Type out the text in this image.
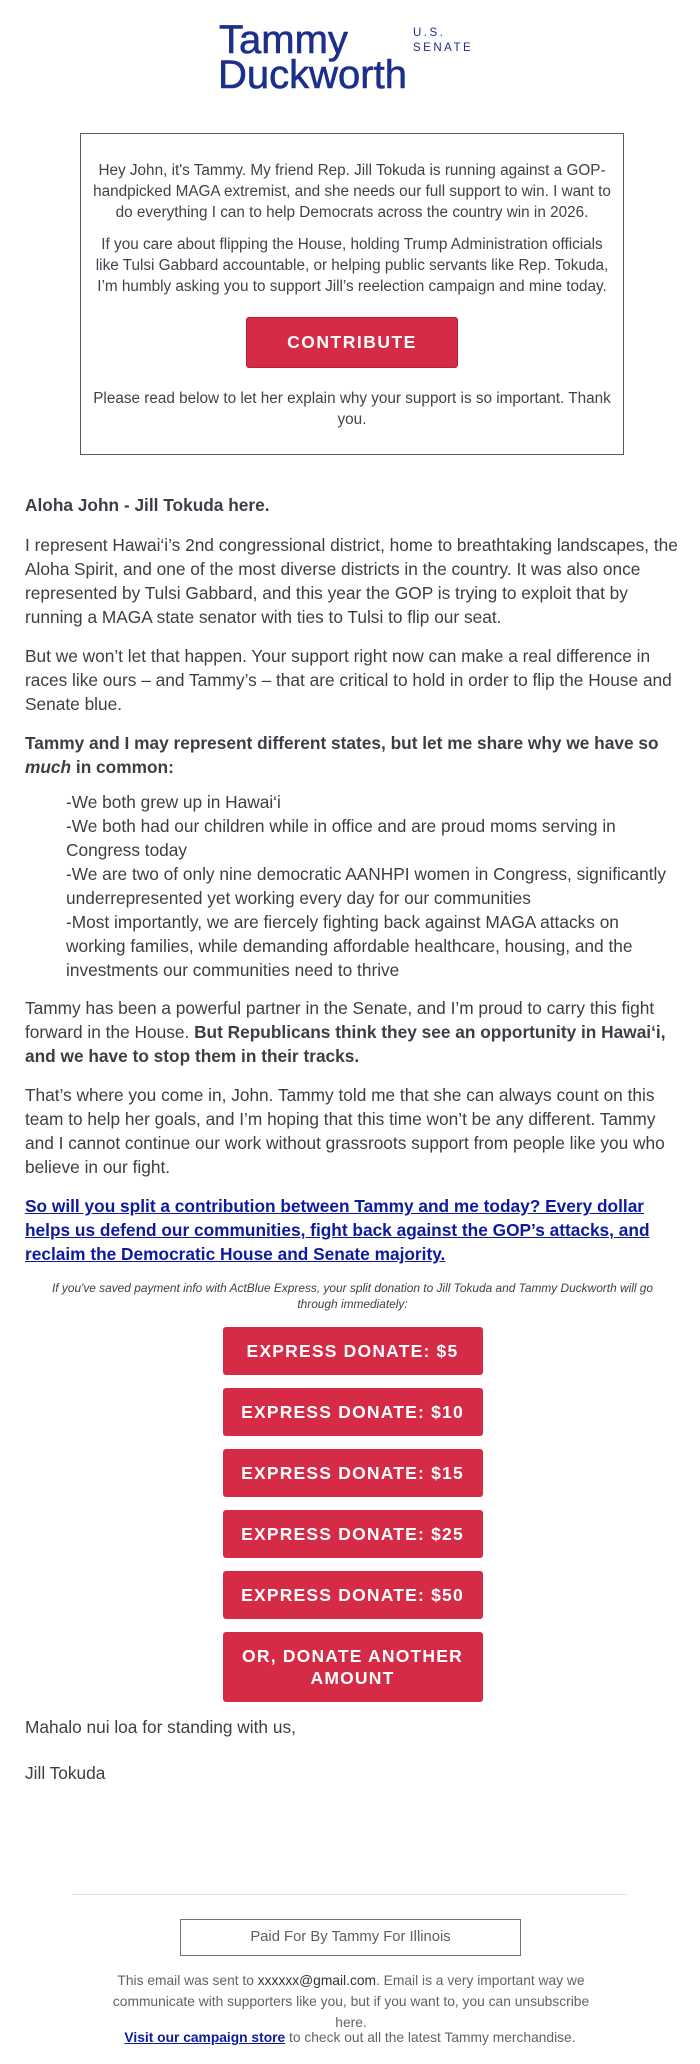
Tammy
Duckworth
U.S.
SENATE

Hey John, it's Tammy. My friend Rep. Jill Tokuda is running against a GOP-handpicked MAGA extremist, and she needs our full support to win. I want to do everything I can to help Democrats across the country win in 2026.

If you care about flipping the House, holding Trump Administration officials like Tulsi Gabbard accountable, or helping public servants like Rep. Tokuda, I’m humbly asking you to support Jill’s reelection campaign and mine today.

CONTRIBUTE

Please read below to let her explain why your support is so important. Thank you.

Aloha John - Jill Tokuda here.

I represent Hawai‘i’s 2nd congressional district, home to breathtaking landscapes, the Aloha Spirit, and one of the most diverse districts in the country. It was also once represented by Tulsi Gabbard, and this year the GOP is trying to exploit that by running a MAGA state senator with ties to Tulsi to flip our seat.

But we won’t let that happen. Your support right now can make a real difference in races like ours – and Tammy’s – that are critical to hold in order to flip the House and Senate blue.

Tammy and I may represent different states, but let me share why we have so much in common:

-We both grew up in Hawai‘i
-We both had our children while in office and are proud moms serving in Congress today
-We are two of only nine democratic AANHPI women in Congress, significantly underrepresented yet working every day for our communities
-Most importantly, we are fiercely fighting back against MAGA attacks on working families, while demanding affordable healthcare, housing, and the investments our communities need to thrive

Tammy has been a powerful partner in the Senate, and I’m proud to carry this fight forward in the House. But Republicans think they see an opportunity in Hawai‘i, and we have to stop them in their tracks.

That’s where you come in, John. Tammy told me that she can always count on this team to help her goals, and I’m hoping that this time won’t be any different. Tammy and I cannot continue our work without grassroots support from people like you who believe in our fight.

So will you split a contribution between Tammy and me today? Every dollar helps us defend our communities, fight back against the GOP’s attacks, and reclaim the Democratic House and Senate majority.

If you've saved payment info with ActBlue Express, your split donation to Jill Tokuda and Tammy Duckworth will go through immediately:

EXPRESS DONATE: $5
EXPRESS DONATE: $10
EXPRESS DONATE: $15
EXPRESS DONATE: $25
EXPRESS DONATE: $50
OR, DONATE ANOTHER AMOUNT

Mahalo nui loa for standing with us,

Jill Tokuda

Paid For By Tammy For Illinois

This email was sent to xxxxxx@gmail.com. Email is a very important way we communicate with supporters like you, but if you want to, you can unsubscribe here.

Visit our campaign store to check out all the latest Tammy merchandise.
